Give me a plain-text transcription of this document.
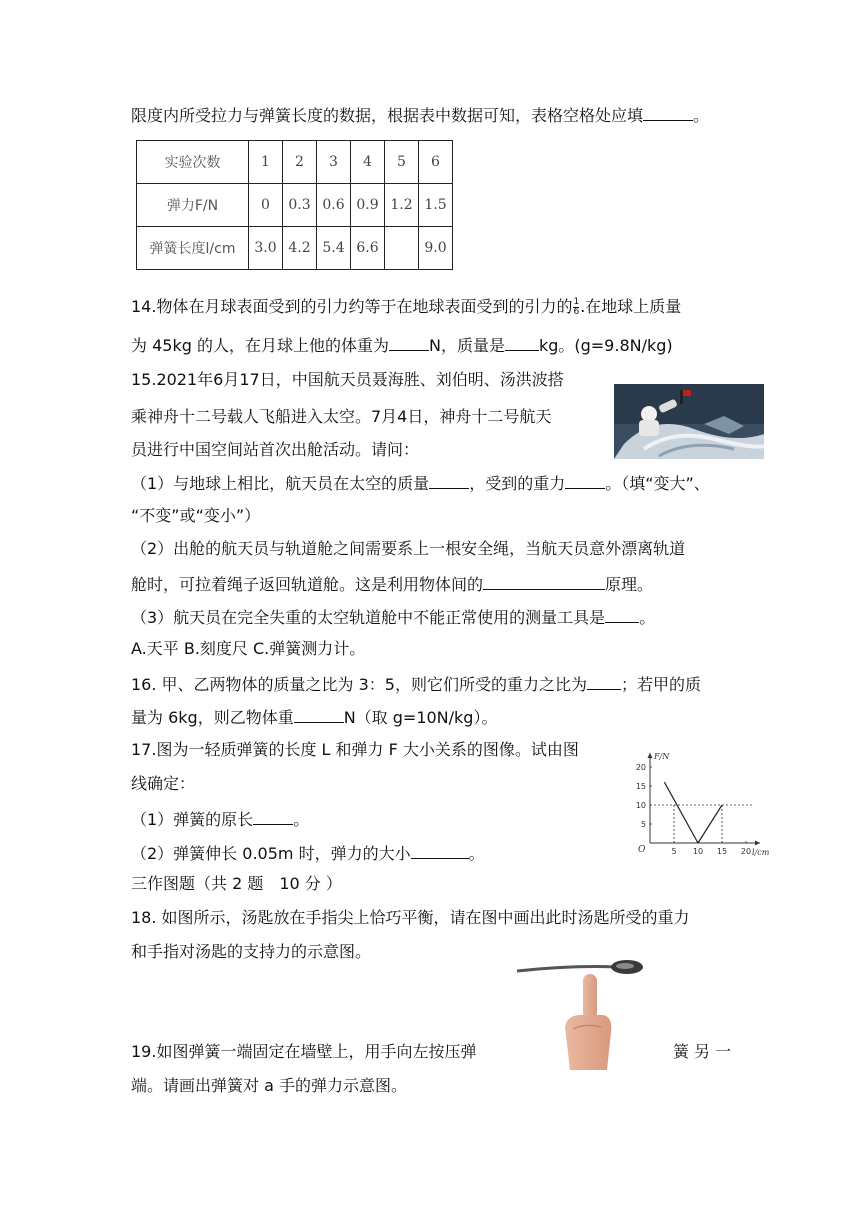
限度内所受拉力与弹簧长度的数据，根据表中数据可知，表格空格处应填	。
实验次数	1	2	3	4	5	6
弹力F/N	0	0.3	0.6	0.9	1.2	1.5
弹簧长度l/cm	3.0	4.2	5.4	6.6		9.0
14.物体在月球表面受到的引力约等于在地球表面受到的引力的 $\frac{1}{6}$ .在地球上质量
为 45kg 的人，在月球上他的体重为	N，质量是 kg。(g=9.8N/kg)
15.2021年6月17日，中国航天员聂海胜、刘伯明、汤洪波搭
乘神舟十二号载人飞船进入太空。7月4日，神舟十二号航天
员进行中国空间站首次出舱活动。请问：
（1）与地球上相比，航天员在太空的质量	，受到的重力	。（填“变大”、
“不变”或“变小”）
（2）出舱的航天员与轨道舱之间需要系上一根安全绳，当航天员意外漂离轨道
舱时，可拉着绳子返回轨道舱。这是利用物体间的	原理。
（3）航天员在完全失重的太空轨道舱中不能正常使用的测量工具是 。
A.天平 B.刻度尺 C.弹簧测力计。
16. 甲、乙两物体的质量之比为 3：5，则它们所受的重力之比为 ；若甲的质
量为 6kg，则乙物体重	N（取 g=10N/kg）。
17.图为一轻质弹簧的长度 L 和弹力 F 大小关系的图像。试由图
线确定：
（1）弹簧的原长	。
（2）弹簧伸长 0.05m 时，弹力的大小	。
F/N
l/cm
O	5 10 15 20
5
10
15
20
三作图题（共 2 题　10 分 ）
18. 如图所示，汤匙放在手指尖上恰巧平衡，请在图中画出此时汤匙所受的重力
和手指对汤匙的支持力的示意图。
19.如图弹簧一端固定在墙壁上，用手向左按压弹	簧 另 一
端。请画出弹簧对 a 手的弹力示意图。
